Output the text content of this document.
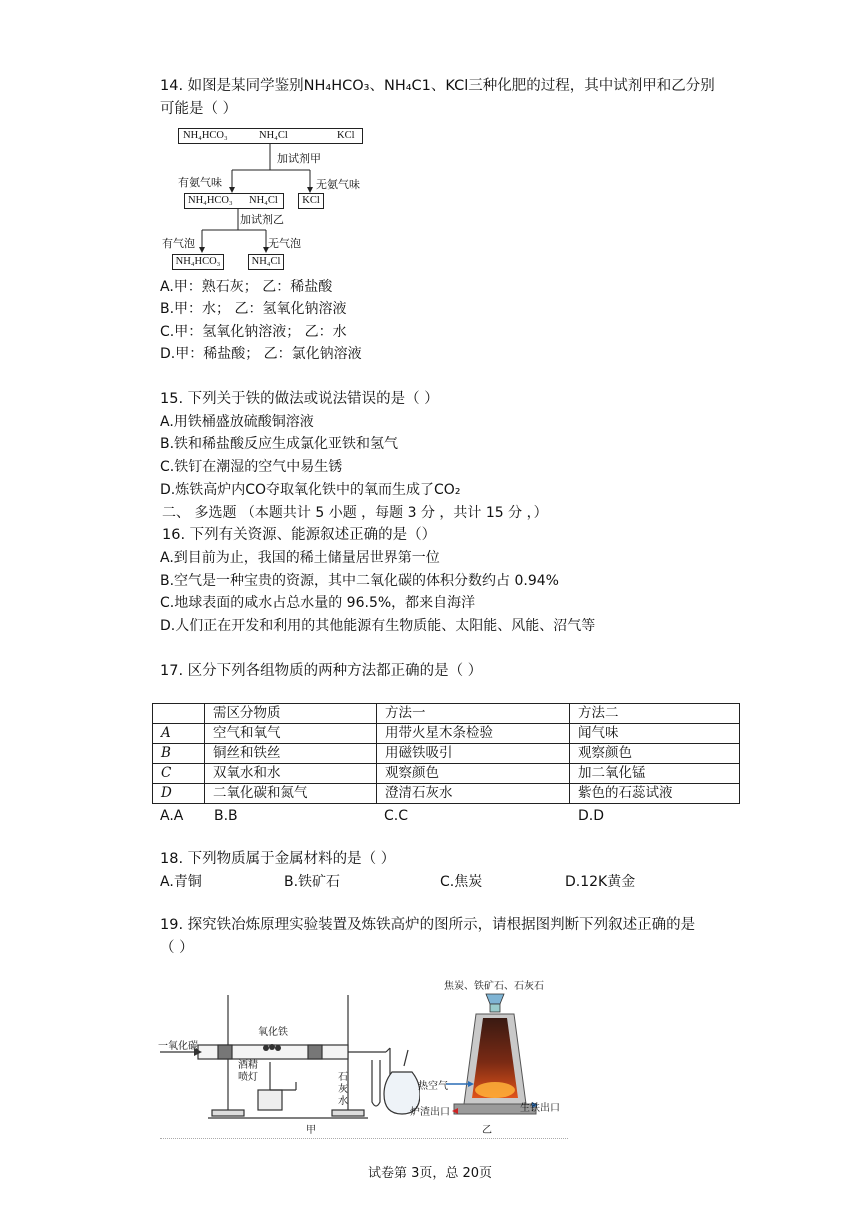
14. 如图是某同学鉴别NH₄HCO₃、NH₄C1、KCl三种化肥的过程，其中试剂甲和乙分别
可能是（ ）
NH₄HCO₃	NH₄Cl	KCl
加试剂甲
有氨气味	无氨气味
NH₄HCO₃ NH₄Cl	KCl
加试剂乙
有气泡	无气泡
NH₄HCO₃	NH₄Cl
A.甲：熟石灰； 乙：稀盐酸
B.甲：水； 乙：氢氧化钠溶液
C.甲：氢氧化钠溶液； 乙：水
D.甲：稀盐酸； 乙：氯化钠溶液
15. 下列关于铁的做法或说法错误的是（ ）
A.用铁桶盛放硫酸铜溶液
B.铁和稀盐酸反应生成氯化亚铁和氢气
C.铁钉在潮湿的空气中易生锈
D.炼铁高炉内CO夺取氧化铁中的氧而生成了CO₂
二、 多选题 （本题共计 5 小题 ，每题 3 分 ，共计 15 分 ，）
16. 下列有关资源、能源叙述正确的是（）
A.到目前为止，我国的稀土储量居世界第一位
B.空气是一种宝贵的资源，其中二氧化碳的体积分数约占 0.94%
C.地球表面的咸水占总水量的 96.5%，都来自海洋
D.人们正在开发和利用的其他能源有生物质能、太阳能、风能、沼气等
17. 区分下列各组物质的两种方法都正确的是（ ）
	需区分物质	方法一	方法二
A	空气和氧气	用带火星木条检验	闻气味
B	铜丝和铁丝	用磁铁吸引	观察颜色
C	双氧水和水	观察颜色	加二氧化锰
D	二氧化碳和氮气	澄清石灰水	紫色的石蕊试液
A.A B.B	C.C	D.D
18. 下列物质属于金属材料的是（ ）
A.青铜	B.铁矿石	C.焦炭	D.12K黄金
19. 探究铁冶炼原理实验装置及炼铁高炉的图所示，请根据图判断下列叙述正确的是
（ ）
一氧化碳
氧化铁
酒精喷灯	石灰水
甲
焦炭、铁矿石、石灰石
热空气
炉渣出口	生铁出口
乙
试卷第 3页，总 20页
